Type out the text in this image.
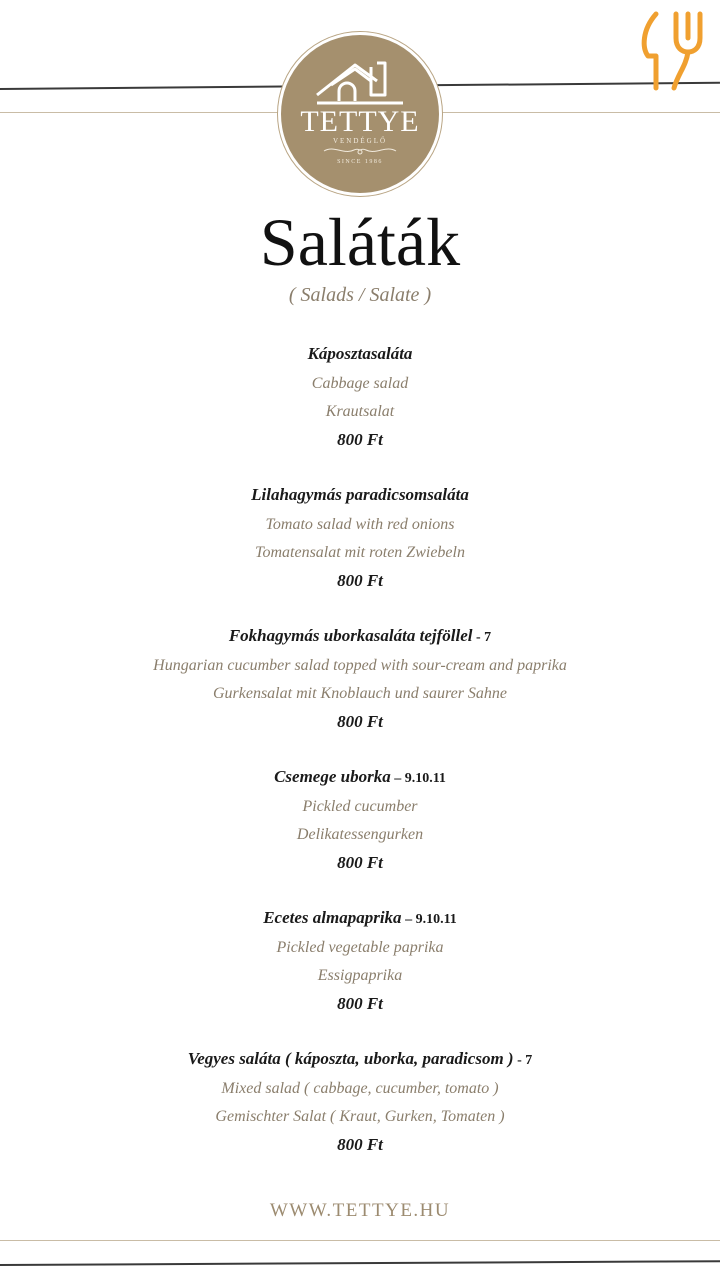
TETTYE
VENDÉGLŐ
SINCE 1986
Saláták
( Salads / Salate )
Káposztasaláta
Cabbage salad
Krautsalat
800 Ft
Lilahagymás paradicsomsaláta
Tomato salad with red onions
Tomatensalat mit roten Zwiebeln
800 Ft
Fokhagymás uborkasaláta tejföllel - 7
Hungarian cucumber salad topped with sour-cream and paprika
Gurkensalat mit Knoblauch und saurer Sahne
800 Ft
Csemege uborka – 9.10.11
Pickled cucumber
Delikatessengurken
800 Ft
Ecetes almapaprika – 9.10.11
Pickled vegetable paprika
Essigpaprika
800 Ft
Vegyes saláta ( káposzta, uborka, paradicsom ) - 7
Mixed salad ( cabbage, cucumber, tomato )
Gemischter Salat ( Kraut, Gurken, Tomaten )
800 Ft
WWW.TETTYE.HU
